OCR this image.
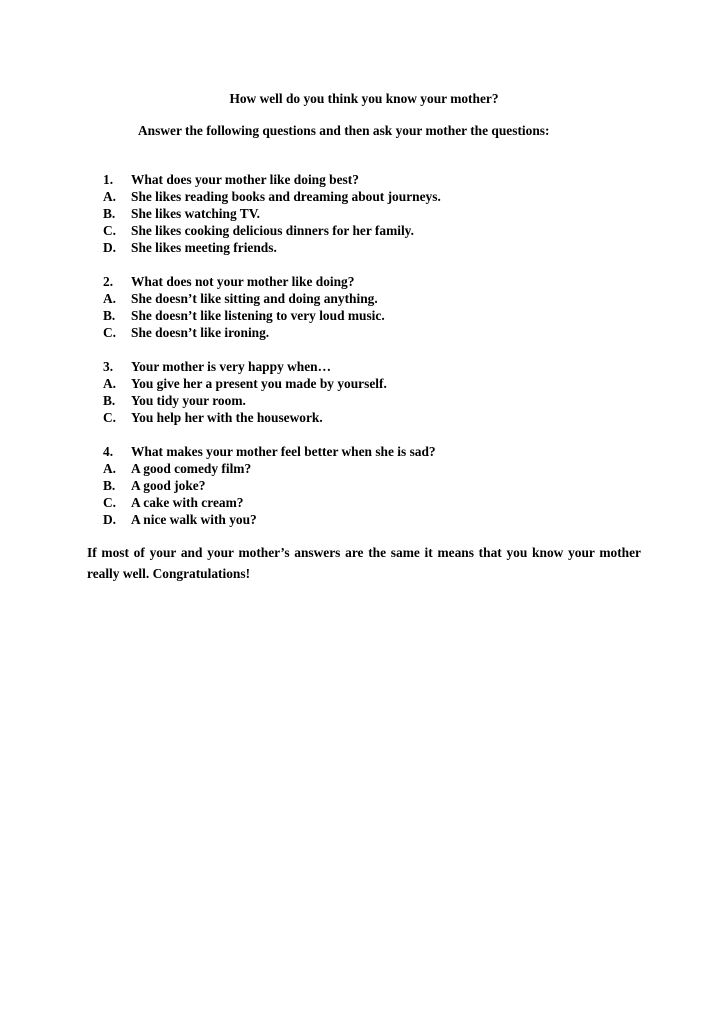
How well do you think you know your mother?
Answer the following questions and then ask your mother the questions:
1.	What does your mother like doing best?
A.	She likes reading books and dreaming about journeys.
B.	She likes watching TV.
C.	She likes cooking delicious dinners for her family.
D.	She likes meeting friends.
2.	What does not your mother like doing?
A.	She doesn’t like sitting and doing anything.
B.	She doesn’t like listening to very loud music.
C.	She doesn’t like ironing.
3.	Your mother is very happy when…
A.	You give her a present you made by yourself.
B.	You tidy your room.
C.	You help her with the housework.
4.	What makes your mother feel better when she is sad?
A.	A good comedy film?
B.	A good joke?
C.	A cake with cream?
D.	A nice walk with you?

If most of your and your mother’s answers are the same it means that you know your mother really well. Congratulations!
